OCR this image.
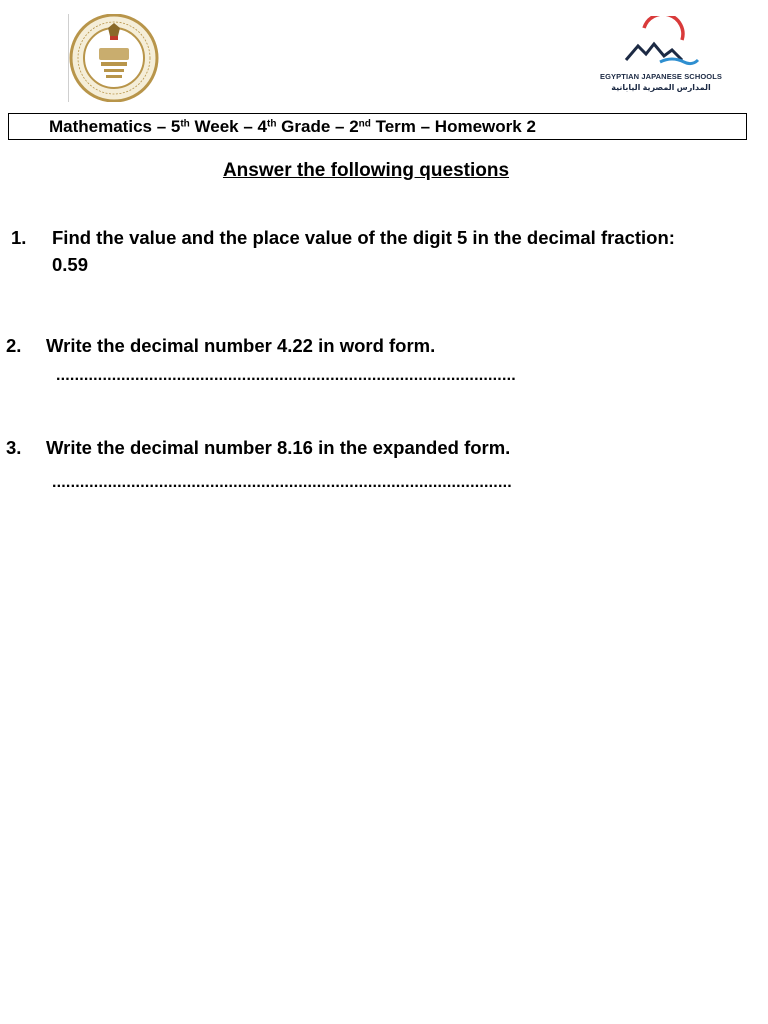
EGYPTIAN JAPANESE SCHOOLS
المدارس المصرية اليابانية
Mathematics – 5th Week – 4th Grade – 2nd Term – Homework 2
Answer the following questions
1. Find the value and the place value of the digit 5 in the decimal fraction:
0.59
2. Write the decimal number 4.22 in word form.
...................................................................................................
3. Write the decimal number 8.16 in the expanded form.
...................................................................................................
